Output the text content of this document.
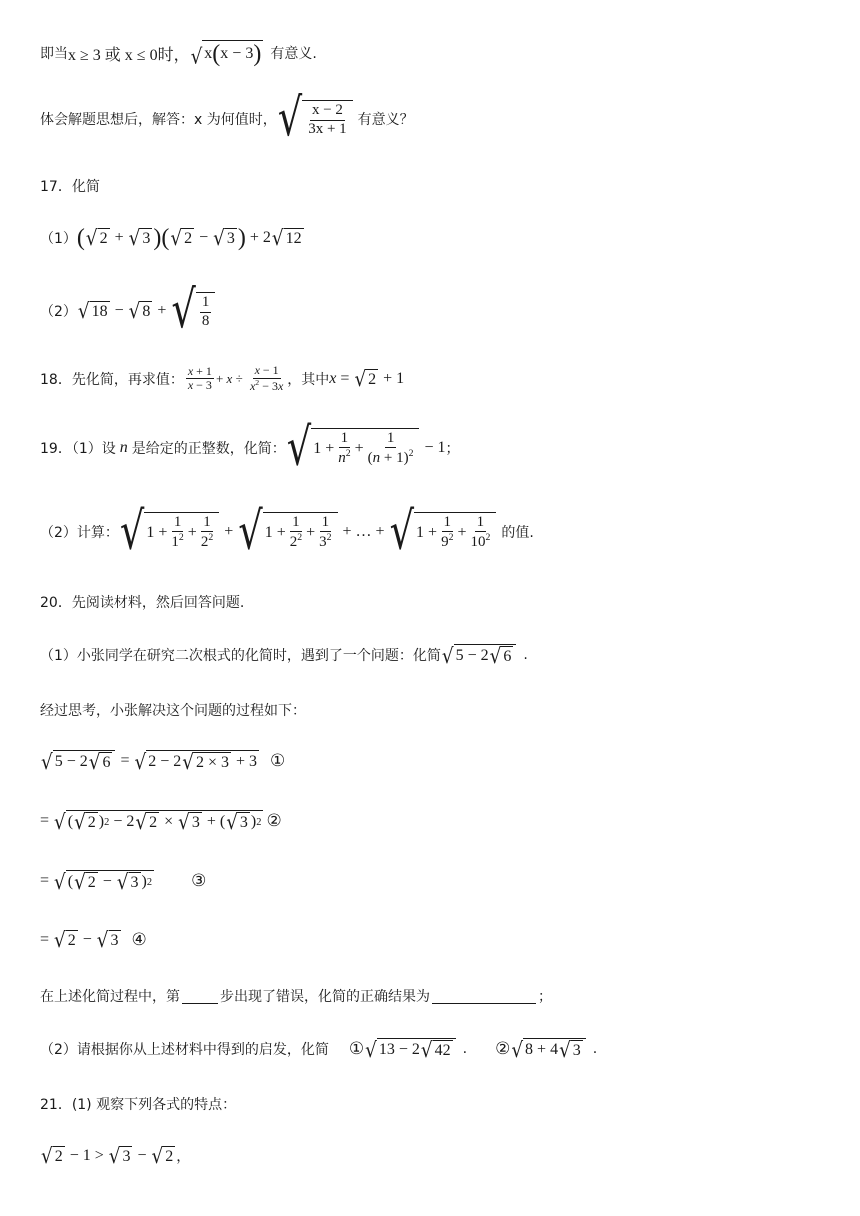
即当 x ≥ 3 或 x ≤ 0时， √ x ( x − 3 ) 有意义.
体会解题思想后，解答：x 为何值时， √ $\frac{x - 2}{3x + 1}$ 有意义？
17．化简
（1） ( √ 2 + √ 3 ) ( √ 2 − √ 3 ) + 2 √ 12
（2） √ 18 − √ 8 + √ $\frac{1}{8}$
18．先化简，再求值： $\frac{x + 1}{x - 3} + x \div \frac{x - 1}{x^2 - 3x}$ ，其中 x = √ 2 + 1
19．（1）设 n 是给定的正整数，化简： √ $1 + \frac{1}{n^2} + \frac{1}{(n + 1)^2} - 1$ ；
（2）计算： √ $1 + \frac{1}{1^2} + \frac{1}{2^2}$ + √ $1 + \frac{1}{2^2} + \frac{1}{3^2}$ + … + √ $1 + \frac{1}{9^2} + \frac{1}{10^2}$ 的值.
20．先阅读材料，然后回答问题.
（1）小张同学在研究二次根式的化简时，遇到了一个问题：化简 √ 5 − 2 √ 6 .
经过思考，小张解决这个问题的过程如下：
√ 5 − 2 √ 6 = √ 2 − 2 √ 2 × 3 + 3 ①
= √ ( √ 2 ) 2 − 2 √ 2 × √ 3 + ( √ 3 ) 2 ②
= √ ( √ 2 − √ 3 ) 2 ③
= √ 2 − √ 3 ④
在上述化简过程中，第	步出现了错误，化简的正确结果为	；
（2）请根据你从上述材料中得到的启发，化简 ① √ 13 − 2 √ 42 . ② √ 8 + 4 √ 3 .
21．(1) 观察下列各式的特点：
√ 2 − 1 > √ 3 − √ 2 ，
